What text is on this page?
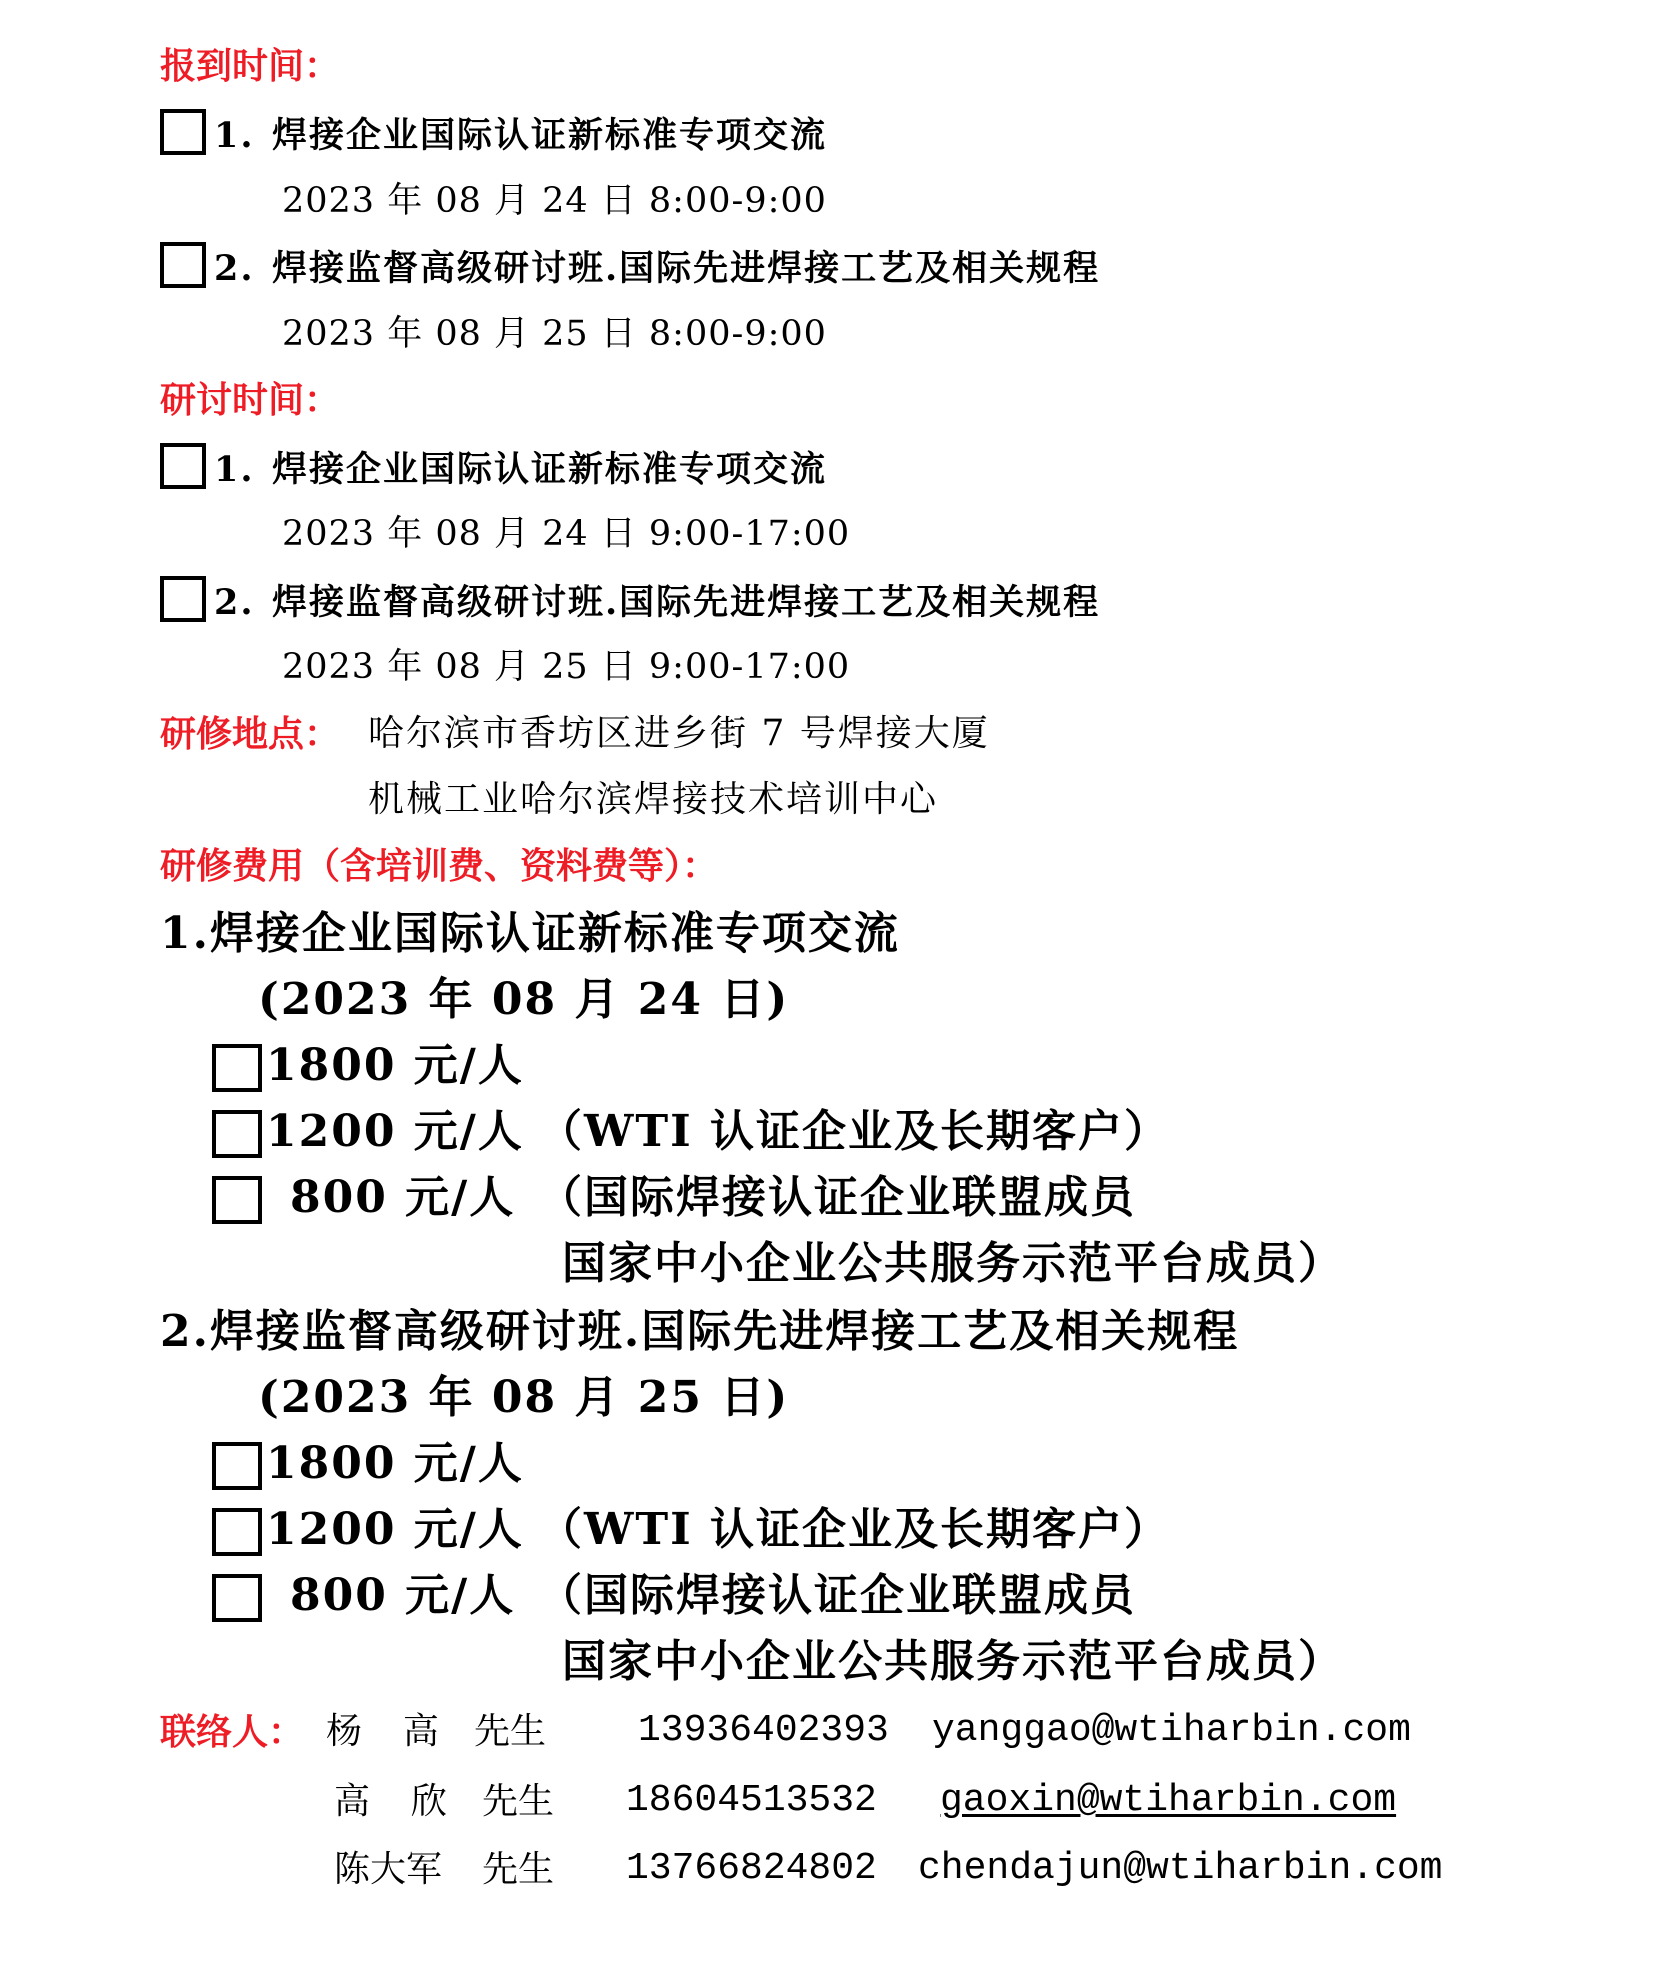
报到时间：
1. 焊接企业国际认证新标准专项交流
2023 年 08 月 24 日 8:00-9:00
2. 焊接监督高级研讨班.国际先进焊接工艺及相关规程
2023 年 08 月 25 日 8:00-9:00
研讨时间：
1. 焊接企业国际认证新标准专项交流
2023 年 08 月 24 日 9:00-17:00
2. 焊接监督高级研讨班.国际先进焊接工艺及相关规程
2023 年 08 月 25 日 9:00-17:00
研修地点： 哈尔滨市香坊区进乡街 7 号焊接大厦
机械工业哈尔滨焊接技术培训中心
研修费用（含培训费、资料费等）：
1.焊接企业国际认证新标准专项交流
(2023 年 08 月 24 日)
1800 元/人
1200 元/人 （WTI 认证企业及长期客户）
800 元/人 （国际焊接认证企业联盟成员
国家中小企业公共服务示范平台成员）
2.焊接监督高级研讨班.国际先进焊接工艺及相关规程
(2023 年 08 月 25 日)
1800 元/人
1200 元/人 （WTI 认证企业及长期客户）
800 元/人 （国际焊接认证企业联盟成员
国家中小企业公共服务示范平台成员）
联络人： 杨  高 先生 13936402393 yanggao@wtiharbin.com
高  欣 先生 18604513532 gaoxin@wtiharbin.com
陈大军 先生 13766824802 chendajun@wtiharbin.com
